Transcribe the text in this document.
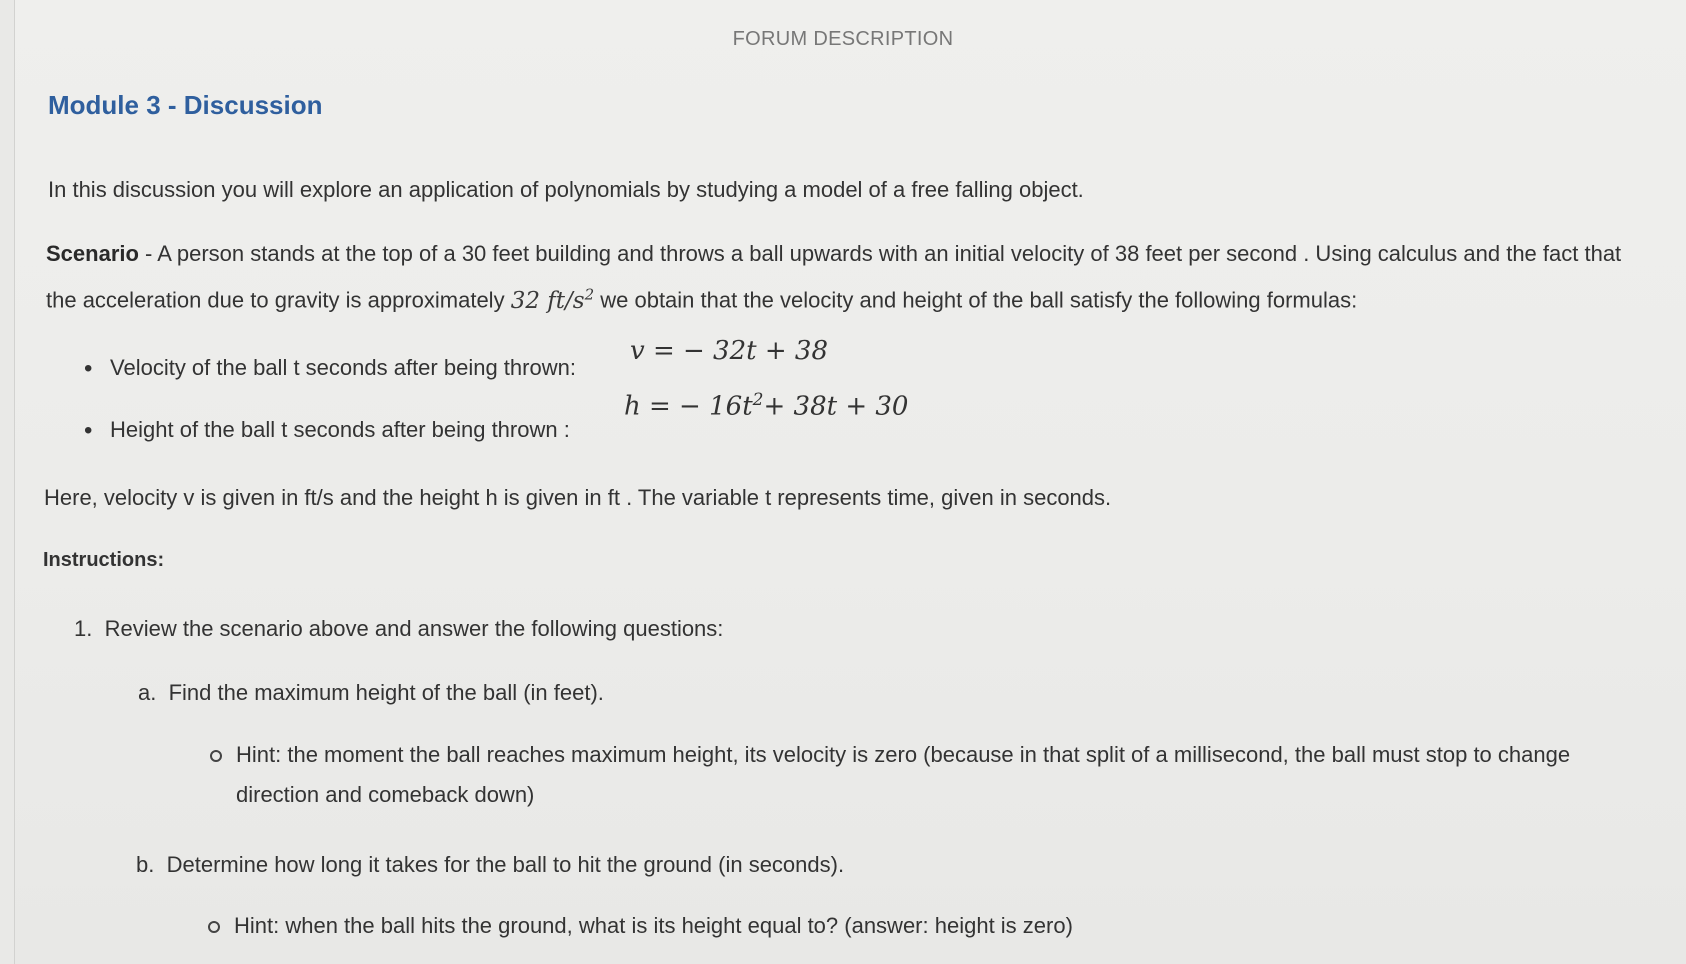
FORUM DESCRIPTION
Module 3 - Discussion
In this discussion you will explore an application of polynomials by studying a model of a free falling object.
Scenario - A person stands at the top of a 30 feet building and throws a ball upwards with an initial velocity of 38 feet per second . Using calculus and the fact that the acceleration due to gravity is approximately 32 $ft/s^2$ we obtain that the velocity and height of the ball satisfy the following formulas:
• Velocity of the ball t seconds after being thrown:
v = − 32t + 38
• Height of the ball t seconds after being thrown :
h = − $16t^2+ 38t + 30$
Here, velocity v is given in ft/s and the height h is given in ft . The variable t represents time, given in seconds.
Instructions:
1. Review the scenario above and answer the following questions:
a. Find the maximum height of the ball (in feet).
Hint: the moment the ball reaches maximum height, its velocity is zero (because in that split of a millisecond, the ball must stop to change direction and comeback down)
b. Determine how long it takes for the ball to hit the ground (in seconds).
Hint: when the ball hits the ground, what is its height equal to? (answer: height is zero)
